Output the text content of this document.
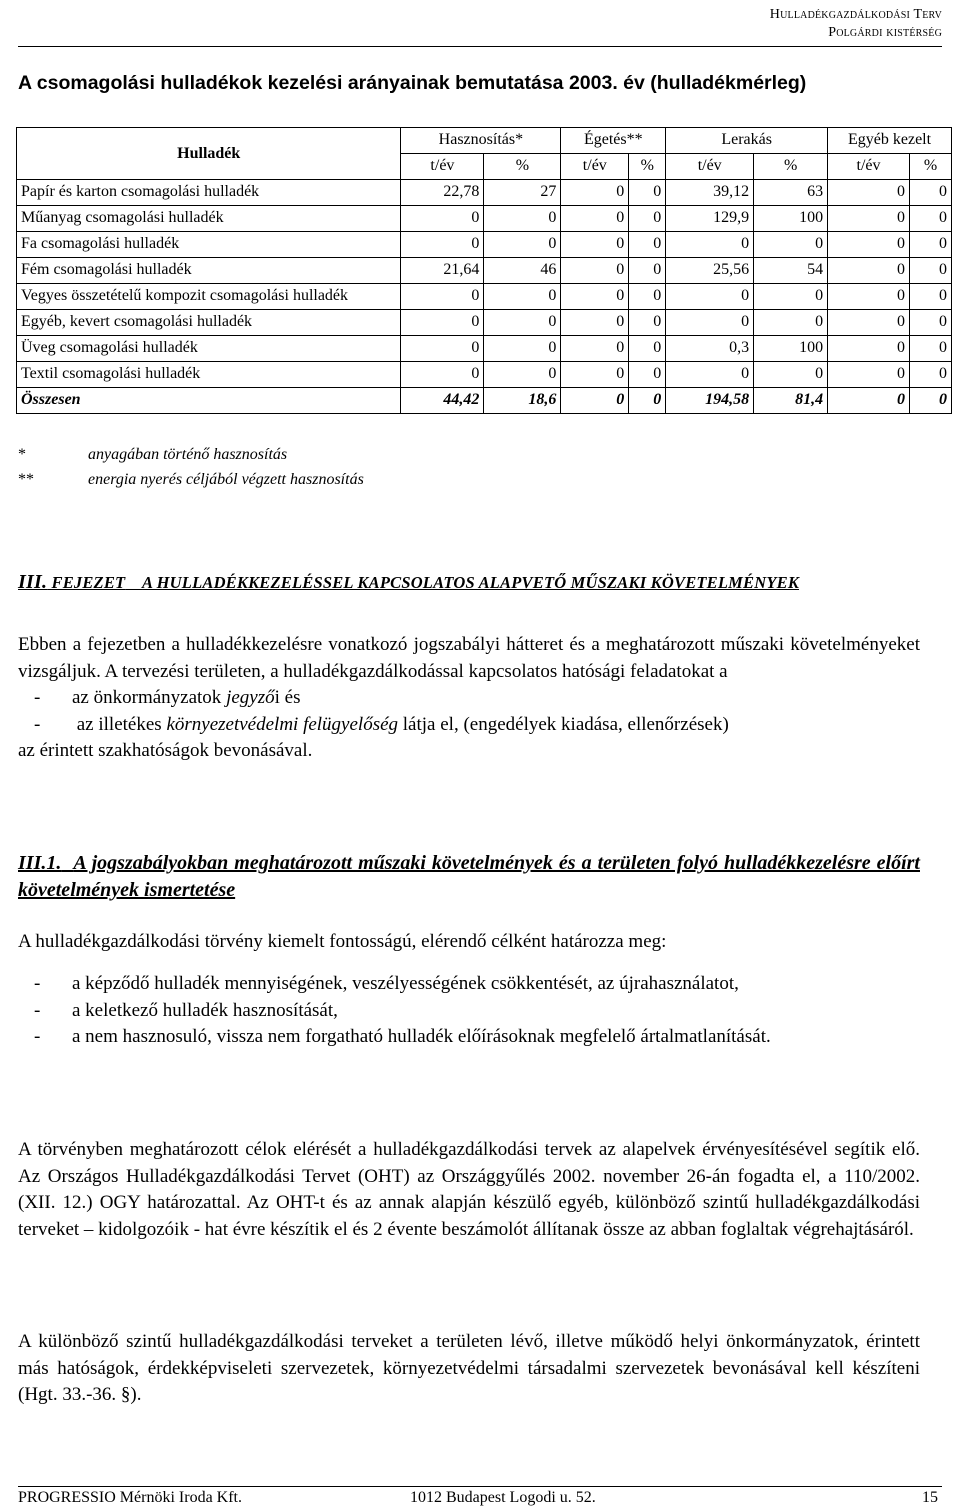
Hulladékgazdálkodási Terv
Polgárdi kistérség
A csomagolási hulladékok kezelési arányainak bemutatása 2003. év (hulladékmérleg)
Hulladék	Hasznosítás*		Égetés**		Lerakás		Egyéb kezelt	
	t/év	%	t/év	%	t/év	%	t/év	%
Papír és karton csomagolási hulladék	22,78	27	0	0	39,12	63	0	0
Műanyag csomagolási hulladék	0	0	0	0	129,9	100	0	0
Fa csomagolási hulladék	0	0	0	0	0	0	0	0
Fém csomagolási hulladék	21,64	46	0	0	25,56	54	0	0
Vegyes összetételű kompozit csomagolási hulladék	0	0	0	0	0	0	0	0
Egyéb, kevert csomagolási hulladék	0	0	0	0	0	0	0	0
Üveg csomagolási hulladék	0	0	0	0	0,3	100	0	0
Textil csomagolási hulladék	0	0	0	0	0	0	0	0
Összesen	44,42	18,6	0	0	194,58	81,4	0	0
*	anyagában történő hasznosítás
**	energia nyerés céljából végzett hasznosítás
III. FEJEZET A HULLADÉKKEZELÉSSEL KAPCSOLATOS ALAPVETŐ MŰSZAKI KÖVETELMÉNYEK

Ebben a fejezetben a hulladékkezelésre vonatkozó jogszabályi hátteret és a meghatározott műszaki követelményeket vizsgáljuk. A tervezési területen, a hulladékgazdálkodással kapcsolatos hatósági feladatokat a

-	az önkormányzatok jegyzői és
-	az illetékes környezetvédelmi felügyelőség látja el, (engedélyek kiadása, ellenőrzések)

az érintett szakhatóságok bevonásával.

III.1. A jogszabályokban meghatározott műszaki követelmények és a területen folyó hulladékkezelésre előírt követelmények ismertetése
A hulladékgazdálkodási törvény kiemelt fontosságú, elérendő célként határozza meg:
-	a képződő hulladék mennyiségének, veszélyességének csökkentését, az újrahasználatot,
-	a keletkező hulladék hasznosítását,
-	a nem hasznosuló, vissza nem forgatható hulladék előírásoknak megfelelő ártalmatlanítását.
A törvényben meghatározott célok elérését a hulladékgazdálkodási tervek az alapelvek érvényesítésével segítik elő. Az Országos Hulladékgazdálkodási Tervet (OHT) az Országgyűlés 2002. november 26-án fogadta el, a 110/2002. (XII. 12.) OGY határozattal. Az OHT-t és az annak alapján készülő egyéb, különböző szintű hulladékgazdálkodási terveket – kidolgozóik - hat évre készítik el és 2 évente beszámolót állítanak össze az abban foglaltak végrehajtásáról.
A különböző szintű hulladékgazdálkodási terveket a területen lévő, illetve működő helyi önkormányzatok, érintett más hatóságok, érdekképviseleti szervezetek, környezetvédelmi társadalmi szervezetek bevonásával kell készíteni (Hgt. 33.-36. §).
PROGRESSIO Mérnöki Iroda Kft.	1012 Budapest Logodi u. 52.	15
